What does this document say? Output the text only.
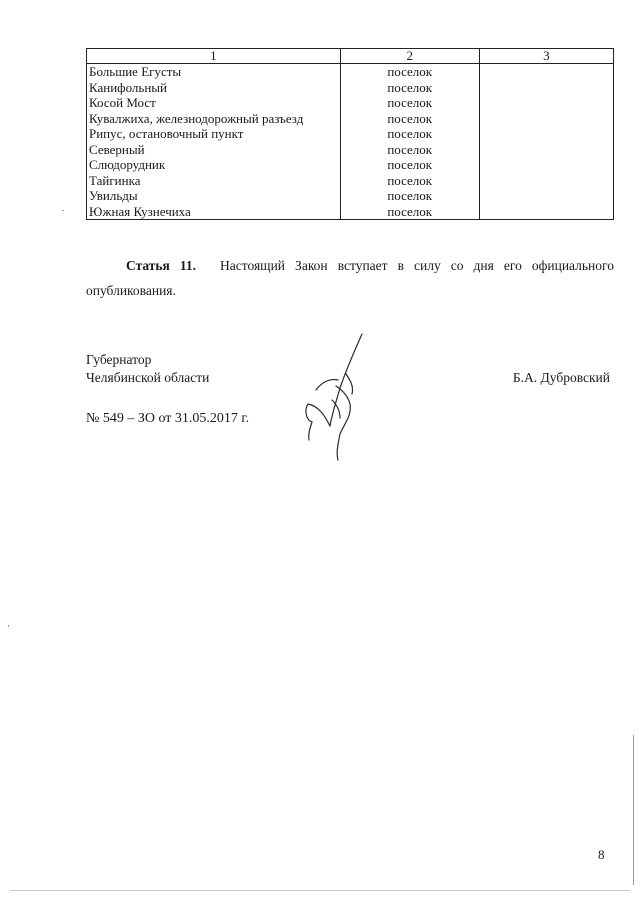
1	2	3
Большие Егусты	поселок	
Канифольный	поселок	
Косой Мост	поселок	
Кувалжиха, железнодорожный разъезд	поселок	
Рипус, остановочный пункт	поселок	
Северный	поселок	
Слюдорудник	поселок	
Тайгинка	поселок	
Увильды	поселок	
Южная Кузнечиха	поселок	
Статья 11. Настоящий Закон вступает в силу со дня его официального опубликования.
Губернатор
Челябинской области	Б.А. Дубровский
№ 549 – ЗО от 31.05.2017 г.
8
